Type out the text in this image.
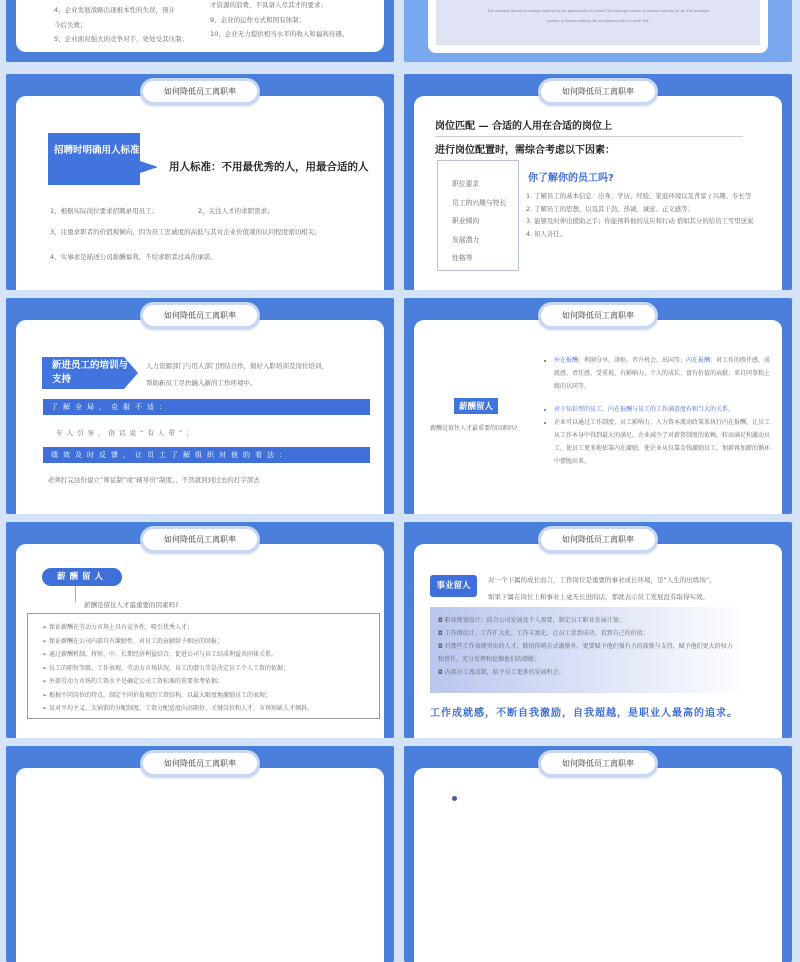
4、企业发展战略出现根本性的失误，预计
今后失败；
5、企业面对强大的竞争对手，处处受其压制；
才资源的浪费，不具备人尽其才的要求；
9、企业的运作方式和国有体制；
10、企业无力提供相当水平的收入和福利待遇。
The average person is always waiting for an opportunity to come The average person is always waiting for an The average
person is always waiting for an opportunity to come The
如何降低员工离职率
招聘时明确用人标准
用人标准：不用最优秀的人，用最合适的人
1、根据实际岗位要求招聘录用员工；	2、关注人才的求职需求；
3、注重求职者的价值观倾向，因为员工忠诚度的高低与其对企业价值观的认同程度密切相关；
4、实事求是描述公司薪酬福利，不给求职者过高的承诺。
如何降低员工离职率
岗位匹配 — 合适的人用在合适的岗位上
进行岗位配置时，需综合考虑以下因素：
职位要求
员工的兴趣与特长
职业倾向
发展潜力
性格等
你了解你的员工吗?
1. 了解员工的基本信息：出身、学历、经验、家庭环境以及背景 / 兴趣、专长等
2. 了解员工的思想、以及其干劲、热诚、诚意、正义感等；
3. 能够及时伸出援助之手；你能预料他的反应和行动 恰如其分的给员工雪里送炭
4. 知人善任。
如何降低员工离职率
新进员工的培训与支持
人力资源部门与用人部门团结合作，做好入职培训及岗位培训，
帮助新员工尽快融入新的工作环境中。
了解全局，克服不适：
专人引导，俗话说“有人带”；
绩效及时反馈，让员工了解组织对他的看法：
必须打完这份建立“师徒制”或“辅导员”制度。，不然就回到过去的打字部去
如何降低员工离职率
薪酬留人
薪酬是留住人才最重要的因素吗?
• 外在报酬：利润分享、津贴、晋升机会、出国等；内在报酬：对工作的胜任感、成就感、责任感、受重视、有影响力、个人的成长、富有价值的贡献、来自同事和上级的认同等。
• 对于知识型的员工，内在报酬与员工的工作满意度有相当大的关系。
• 企业可以通过工作制度、员工影响力、人力资本流动政策来执行内在报酬，让员工从工作本身中得到最大的满足，企业减少了对薪资制度的依赖，转而满足和激动员工，使员工更多地依靠内在激励，使企业从仅靠金钱激励员工、加薪再加薪的循环中摆脱出来。
如何降低员工离职率
薪酬留人
薪酬是留住人才最重要的因素吗?
➢ 保证薪酬在劳动力市场上具有竞争性，吸引优秀人才；
➢ 保证薪酬在公司内部具有激励性，对员工的贡献给予相应的回报；
➢ 通过薪酬机制，将短、中、长期经济利益结合，促进公司与员工结成利益共同体关系。
➢ 员工的职位等级、工作表现、劳动力市场状况、员工的潜力等是决定员工个人工资的依据；
➢ 外部劳动力市场的工资水平是确定公司工资标准的重要参考依据；
➢ 根据不同岗位的特点，制定不同价值观的工资结构，以最大限度地激励员工的表现；
➢ 反对平均主义、大锅饭的分配制度，工资分配适度向高职位、关键岗位和人才、市场短缺人才倾斜。
如何降低员工离职率
事业留人
对一个下属的成长而言，工作岗位是重要的事业成长环境，是“人生的历练场”，
如果下属在岗位上和事业上毫无长进的话，那就表示员工发展没有取得实效。
◘ 职业规划设计：结合公司发展及个人需要，制定员工职业发展计划；
◘ 工作再设计、工作扩大化、工作丰富化，让员工尝到成功，看到自己的价值；
◘ 对那些工作表现突出的人才，除用传统方式激励外，更要赋予他们强有力的鼓励与支持，赋予他们更大的权力和责任，充分发挥和挖掘他们的潜能；
◘ 内部员工流动制，给予员工更多的发展机会。
工作成就感，不断自我激励，自我超越，是职业人最高的追求。
如何降低员工离职率	如何降低员工离职率
